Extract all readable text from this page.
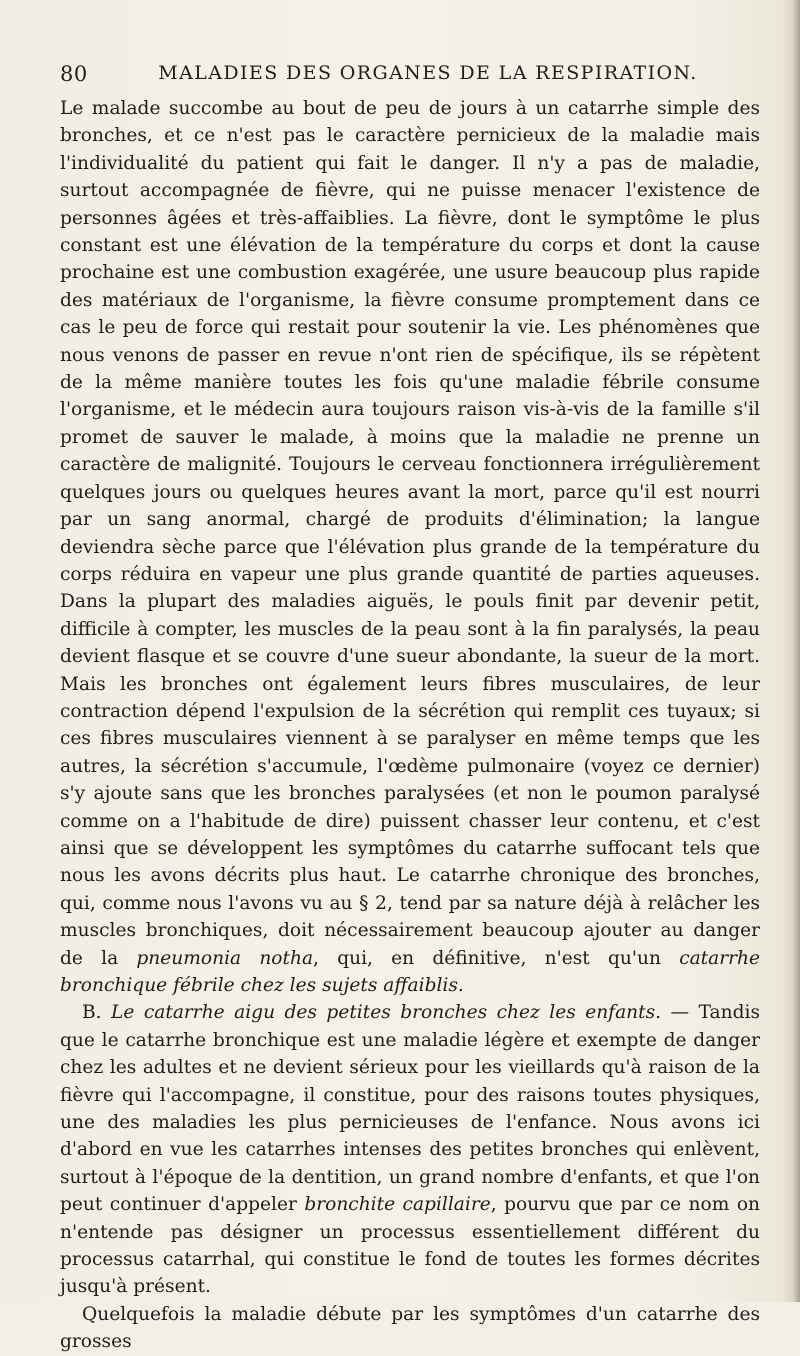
80	MALADIES DES ORGANES DE LA RESPIRATION.

Le malade succombe au bout de peu de jours à un catarrhe simple des bronches, et ce n'est pas le caractère pernicieux de la maladie mais l'individualité du patient qui fait le danger. Il n'y a pas de maladie, surtout accompagnée de fièvre, qui ne puisse menacer l'existence de personnes âgées et très-affaiblies. La fièvre, dont le symptôme le plus constant est une élévation de la température du corps et dont la cause prochaine est une combustion exagérée, une usure beaucoup plus rapide des matériaux de l'organisme, la fièvre consume promptement dans ce cas le peu de force qui restait pour soutenir la vie. Les phénomènes que nous venons de passer en revue n'ont rien de spécifique, ils se répètent de la même manière toutes les fois qu'une maladie fébrile consume l'organisme, et le médecin aura toujours raison vis-à-vis de la famille s'il promet de sauver le malade, à moins que la maladie ne prenne un caractère de malignité. Toujours le cerveau fonctionnera irrégulièrement quelques jours ou quelques heures avant la mort, parce qu'il est nourri par un sang anormal, chargé de produits d'élimination; la langue deviendra sèche parce que l'élévation plus grande de la température du corps réduira en vapeur une plus grande quantité de parties aqueuses. Dans la plupart des maladies aiguës, le pouls finit par devenir petit, difficile à compter, les muscles de la peau sont à la fin paralysés, la peau devient flasque et se couvre d'une sueur abondante, la sueur de la mort. Mais les bronches ont également leurs fibres musculaires, de leur contraction dépend l'expulsion de la sécrétion qui remplit ces tuyaux; si ces fibres musculaires viennent à se paralyser en même temps que les autres, la sécrétion s'accumule, l'œdème pulmonaire (voyez ce dernier) s'y ajoute sans que les bronches paralysées (et non le poumon paralysé comme on a l'habitude de dire) puissent chasser leur contenu, et c'est ainsi que se développent les symptômes du catarrhe suffocant tels que nous les avons décrits plus haut. Le catarrhe chronique des bronches, qui, comme nous l'avons vu au § 2, tend par sa nature déjà à relâcher les muscles bronchiques, doit nécessairement beaucoup ajouter au danger de la pneumonia notha, qui, en définitive, n'est qu'un catarrhe bronchique fébrile chez les sujets affaiblis.

B. Le catarrhe aigu des petites bronches chez les enfants. — Tandis que le catarrhe bronchique est une maladie légère et exempte de danger chez les adultes et ne devient sérieux pour les vieillards qu'à raison de la fièvre qui l'accompagne, il constitue, pour des raisons toutes physiques, une des maladies les plus pernicieuses de l'enfance. Nous avons ici d'abord en vue les catarrhes intenses des petites bronches qui enlèvent, surtout à l'époque de la dentition, un grand nombre d'enfants, et que l'on peut continuer d'appeler bronchite capillaire, pourvu que par ce nom on n'entende pas désigner un processus essentiellement différent du processus catarrhal, qui constitue le fond de toutes les formes décrites jusqu'à présent.

Quelquefois la maladie débute par les symptômes d'un catarrhe des grosses
